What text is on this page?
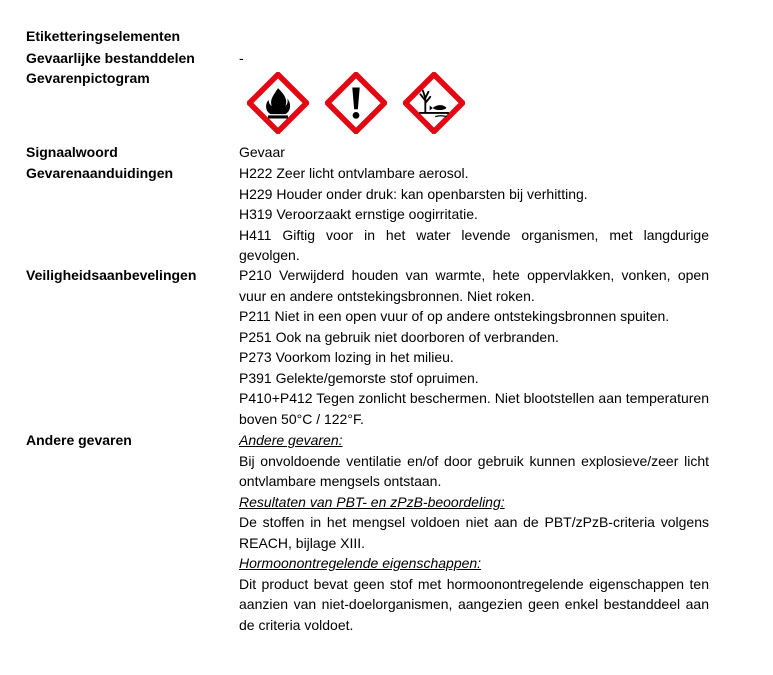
Etiketteringselementen
Gevaarlijke bestanddelen	-
Gevarenpictogram
Signaalwoord	Gevaar
Gevarenaanduidingen	H222 Zeer licht ontvlambare aerosol.

H229 Houder onder druk: kan openbarsten bij verhitting.

H319 Veroorzaakt ernstige oogirritatie.

H411 Giftig voor in het water levende organismen, met langdurige gevolgen.

Veiligheidsaanbevelingen	P210 Verwijderd houden van warmte, hete oppervlakken, vonken, open vuur en andere ontstekingsbronnen. Niet roken.

P211 Niet in een open vuur of op andere ontstekingsbronnen spuiten.

P251 Ook na gebruik niet doorboren of verbranden.

P273 Voorkom lozing in het milieu.

P391 Gelekte/gemorste stof opruimen.

P410+P412 Tegen zonlicht beschermen. Niet blootstellen aan temperaturen boven 50°C / 122°F.

Andere gevaren	Andere gevaren:

Bij onvoldoende ventilatie en/of door gebruik kunnen explosieve/zeer licht ontvlambare mengsels ontstaan.

Resultaten van PBT- en zPzB-beoordeling:

De stoffen in het mengsel voldoen niet aan de PBT/zPzB-criteria volgens REACH, bijlage XIII.

Hormoonontregelende eigenschappen:

Dit product bevat geen stof met hormoonontregelende eigenschappen ten aanzien van niet-doelorganismen, aangezien geen enkel bestanddeel aan de criteria voldoet.
